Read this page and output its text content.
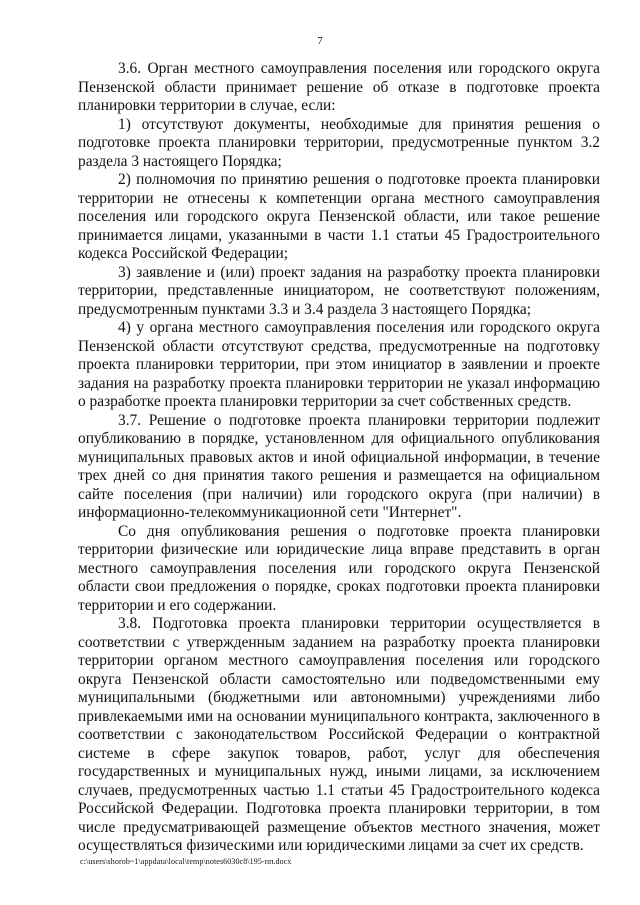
7

3.6. Орган местного самоуправления поселения или городского округа Пензенской области принимает решение об отказе в подготовке проекта планировки территории в случае, если:

1) отсутствуют документы, необходимые для принятия решения о подготовке проекта планировки территории, предусмотренные пунктом 3.2 раздела 3 настоящего Порядка;

2) полномочия по принятию решения о подготовке проекта планировки территории не отнесены к компетенции органа местного самоуправления поселения или городского округа Пензенской области, или такое решение принимается лицами, указанными в части 1.1 статьи 45 Градостроительного кодекса Российской Федерации;

3) заявление и (или) проект задания на разработку проекта планировки территории, представленные инициатором, не соответствуют положениям, предусмотренным пунктами 3.3 и 3.4 раздела 3 настоящего Порядка;

4) у органа местного самоуправления поселения или городского округа Пензенской области отсутствуют средства, предусмотренные на подготовку проекта планировки территории, при этом инициатор в заявлении и проекте задания на разработку проекта планировки территории не указал информацию о разработке проекта планировки территории за счет собственных средств.

3.7. Решение о подготовке проекта планировки территории подлежит опубликованию в порядке, установленном для официального опубликования муниципальных правовых актов и иной официальной информации, в течение трех дней со дня принятия такого решения и размещается на официальном сайте поселения (при наличии) или городского округа (при наличии) в информационно-телекоммуникационной сети "Интернет".

Со дня опубликования решения о подготовке проекта планировки территории физические или юридические лица вправе представить в орган местного самоуправления поселения или городского округа Пензенской области свои предложения о порядке, сроках подготовки проекта планировки территории и его содержании.

3.8. Подготовка проекта планировки территории осуществляется в соответствии с утвержденным заданием на разработку проекта планировки территории органом местного самоуправления поселения или городского округа Пензенской области самостоятельно или подведомственными ему муниципальными (бюджетными или автономными) учреждениями либо привлекаемыми ими на основании муниципального контракта, заключенного в соответствии с законодательством Российской Федерации о контрактной системе в сфере закупок товаров, работ, услуг для обеспечения государственных и муниципальных нужд, иными лицами, за исключением случаев, предусмотренных частью 1.1 статьи 45 Градостроительного кодекса Российской Федерации. Подготовка проекта планировки территории, в том числе предусматривающей размещение объектов местного значения, может осуществляться физическими или юридическими лицами за счет их средств.

c:\users\shorob~1\appdata\local\temp\notes6030c8\195-пп.docx
